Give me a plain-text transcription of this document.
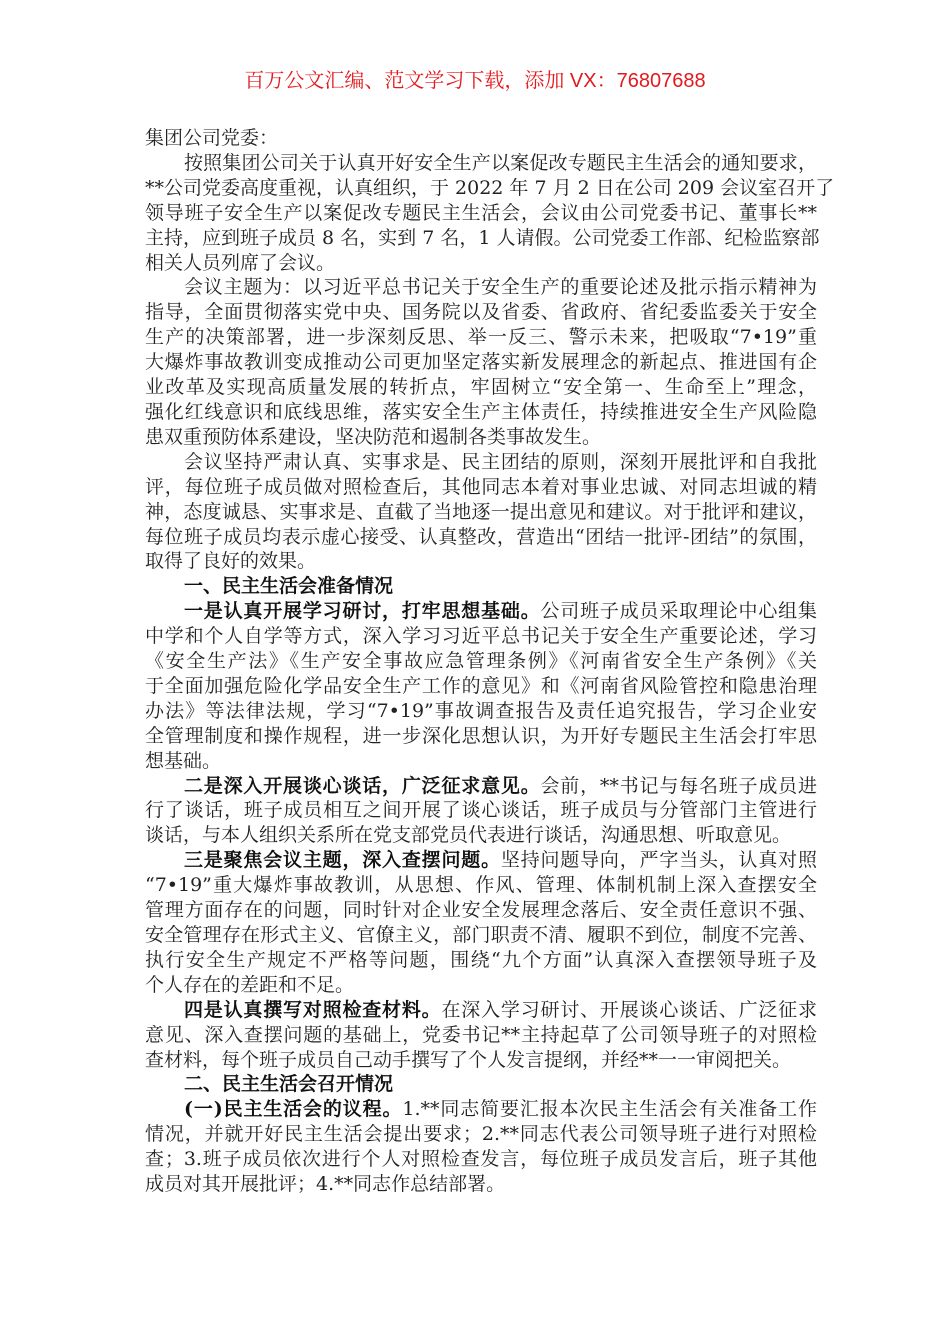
百万公文汇编、范文学习下载，添加 VX：76807688
集团公司党委：
按照集团公司关于认真开好安全生产以案促改专题民主生活会的通知要求，
**公司党委高度重视，认真组织，于 2022 年 7 月 2 日在公司 209 会议室召开了
领导班子安全生产以案促改专题民主生活会，会议由公司党委书记、董事长**
主持，应到班子成员 8 名，实到 7 名，1 人请假。公司党委工作部、纪检监察部
相关人员列席了会议。
会议主题为：以习近平总书记关于安全生产的重要论述及批示指示精神为
指导，全面贯彻落实党中央、国务院以及省委、省政府、省纪委监委关于安全
生产的决策部署，进一步深刻反思、举一反三、警示未来，把吸取“7•19”重
大爆炸事故教训变成推动公司更加坚定落实新发展理念的新起点、推进国有企
业改革及实现高质量发展的转折点，牢固树立“安全第一、生命至上”理念，
强化红线意识和底线思维，落实安全生产主体责任，持续推进安全生产风险隐
患双重预防体系建设，坚决防范和遏制各类事故发生。
会议坚持严肃认真、实事求是、民主团结的原则，深刻开展批评和自我批
评，每位班子成员做对照检查后，其他同志本着对事业忠诚、对同志坦诚的精
神，态度诚恳、实事求是、直截了当地逐一提出意见和建议。对于批评和建议，
每位班子成员均表示虚心接受、认真整改，营造出“团结一批评-团结”的氛围，
取得了良好的效果。
一、民主生活会准备情况
一是认真开展学习研讨，打牢思想基础。公司班子成员采取理论中心组集
中学和个人自学等方式，深入学习习近平总书记关于安全生产重要论述，学习
《安全生产法》《生产安全事故应急管理条例》《河南省安全生产条例》《关
于全面加强危险化学品安全生产工作的意见》和《河南省风险管控和隐患治理
办法》等法律法规，学习“7•19”事故调查报告及责任追究报告，学习企业安
全管理制度和操作规程，进一步深化思想认识，为开好专题民主生活会打牢思
想基础。
二是深入开展谈心谈话，广泛征求意见。会前，**书记与每名班子成员进
行了谈话，班子成员相互之间开展了谈心谈话，班子成员与分管部门主管进行
谈话，与本人组织关系所在党支部党员代表进行谈话，沟通思想、听取意见。
三是聚焦会议主题，深入查摆问题。坚持问题导向，严字当头，认真对照
“7•19”重大爆炸事故教训，从思想、作风、管理、体制机制上深入查摆安全
管理方面存在的问题，同时针对企业安全发展理念落后、安全责任意识不强、
安全管理存在形式主义、官僚主义，部门职责不清、履职不到位，制度不完善、
执行安全生产规定不严格等问题，围绕“九个方面”认真深入查摆领导班子及
个人存在的差距和不足。
四是认真撰写对照检查材料。在深入学习研讨、开展谈心谈话、广泛征求
意见、深入查摆问题的基础上，党委书记**主持起草了公司领导班子的对照检
查材料，每个班子成员自己动手撰写了个人发言提纲，并经**一一审阅把关。
二、民主生活会召开情况
(一)民主生活会的议程。1.**同志简要汇报本次民主生活会有关准备工作
情况，并就开好民主生活会提出要求；2.**同志代表公司领导班子进行对照检
查；3.班子成员依次进行个人对照检查发言，每位班子成员发言后，班子其他
成员对其开展批评；4.**同志作总结部署。
